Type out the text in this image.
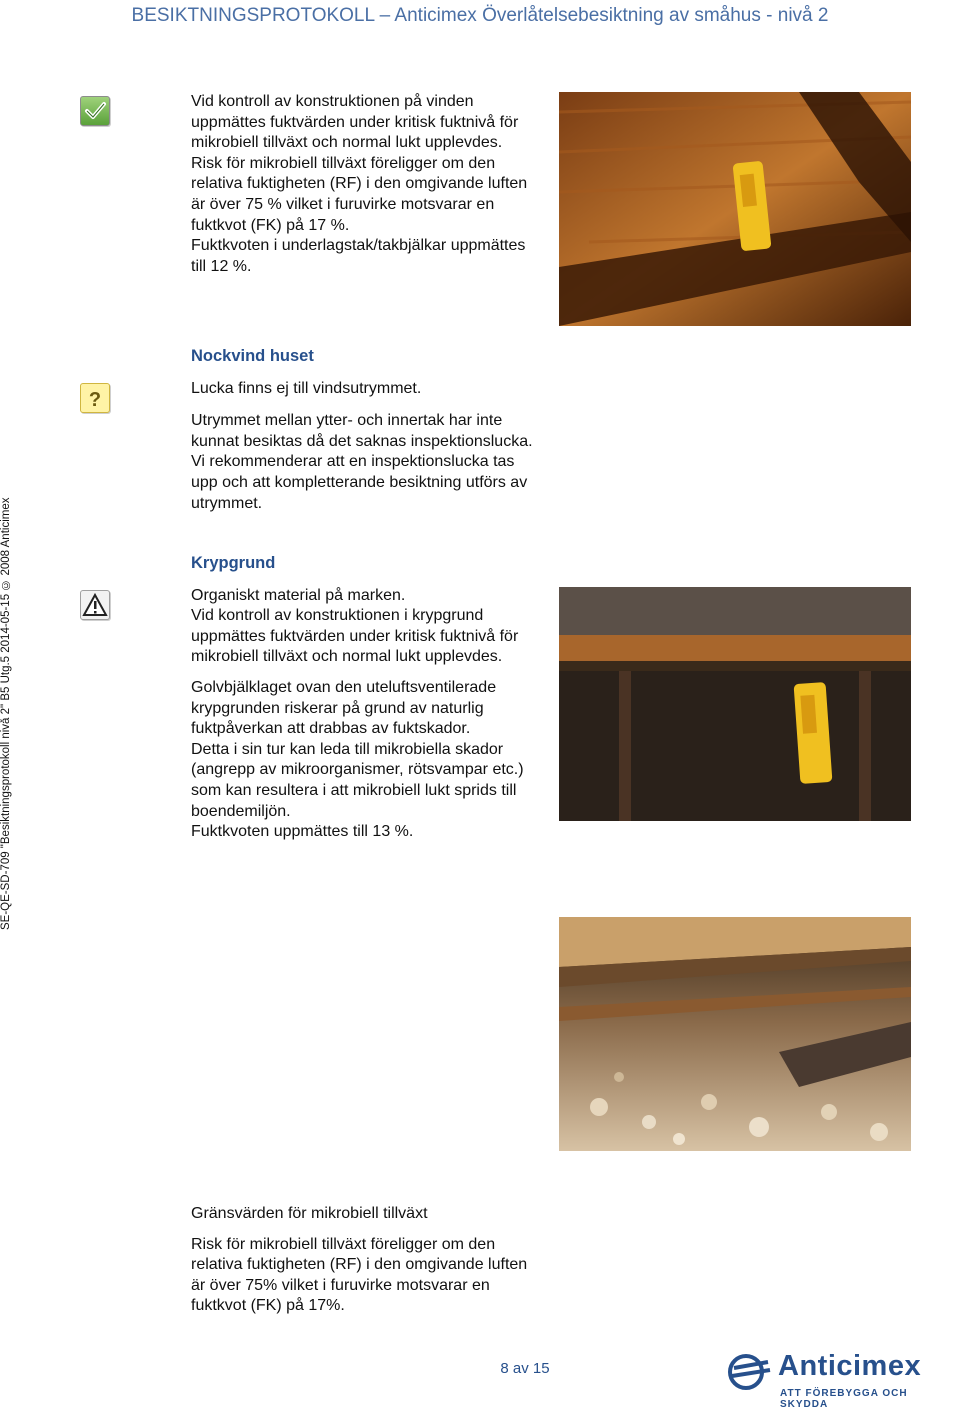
BESIKTNINGSPROTOKOLL – Anticimex Överlåtelsebesiktning av småhus - nivå 2
SE-QE-SD-709 "Besiktningsprotokoll nivå 2" B5 Utg.5 2014-05-15 © 2008 Anticimex

Vid kontroll av konstruktionen på vinden uppmättes fuktvärden under kritisk fuktnivå för mikrobiell tillväxt och normal lukt upplevdes.

Risk för mikrobiell tillväxt föreligger om den relativa fuktigheten (RF) i den omgivande luften är över 75 % vilket i furuvirke motsvarar en fuktkvot (FK) på 17 %.

Fuktkvoten i underlagstak/takbjälkar uppmättes till 12 %.

Nockvind huset

Lucka finns ej till vindsutrymmet.

Utrymmet mellan ytter- och innertak har inte kunnat besiktas då det saknas inspektionslucka. Vi rekommenderar att en inspektionslucka tas upp och att kompletterande besiktning utförs av utrymmet.

?

Krypgrund

Organiskt material på marken.

Vid kontroll av konstruktionen i krypgrund uppmättes fuktvärden under kritisk fuktnivå för mikrobiell tillväxt och normal lukt upplevdes.

Golvbjälklaget ovan den uteluftsventilerade krypgrunden riskerar på grund av naturlig fuktpåverkan att drabbas av fuktskador.

Detta i sin tur kan leda till mikrobiella skador (angrepp av mikroorganismer, rötsvampar etc.) som kan resultera i att mikrobiell lukt sprids till boendemiljön.

Fuktkvoten uppmättes till 13 %.

Gränsvärden för mikrobiell tillväxt

Risk för mikrobiell tillväxt föreligger om den relativa fuktigheten (RF) i den omgivande luften är över 75% vilket i furuvirke motsvarar en fuktkvot (FK) på 17%.

8 av 15	Anticimex
ATT FÖREBYGGA OCH SKYDDA
